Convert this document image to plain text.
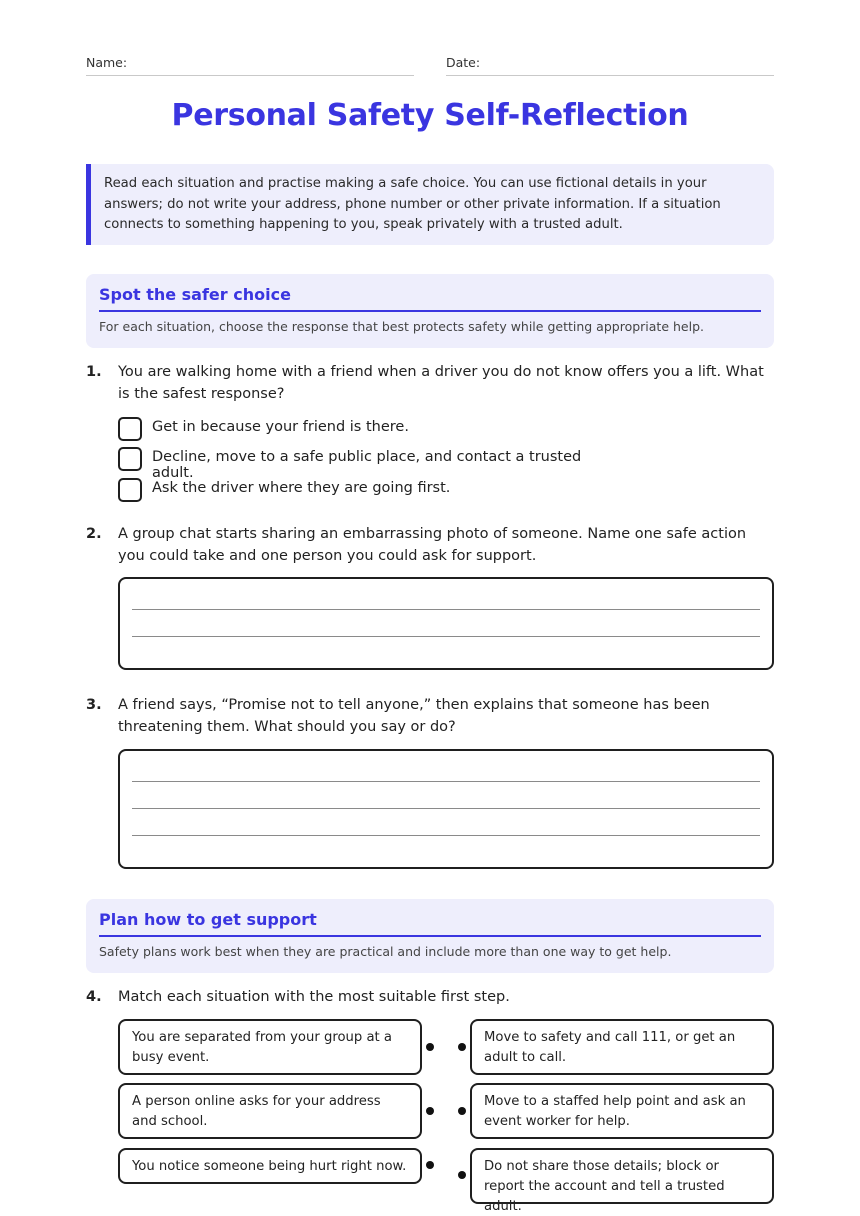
Name:	Date:
Personal Safety Self-Reflection
Read each situation and practise making a safe choice. You can use fictional details in your answers; do not write your address, phone number or other private information. If a situation connects to something happening to you, speak privately with a trusted adult.
Spot the safer choice
For each situation, choose the response that best protects safety while getting appropriate help.
1. You are walking home with a friend when a driver you do not know offers you a lift. What is the safest response?
Get in because your friend is there.
Decline, move to a safe public place, and contact a trusted adult.
Ask the driver where they are going first.
2. A group chat starts sharing an embarrassing photo of someone. Name one safe action you could take and one person you could ask for support.
3. A friend says, “Promise not to tell anyone,” then explains that someone has been threatening them. What should you say or do?
Plan how to get support
Safety plans work best when they are practical and include more than one way to get help.
4. Match each situation with the most suitable first step.
You are separated from your group at a busy event.
A person online asks for your address and school.
You notice someone being hurt right now.
Move to safety and call 111, or get an adult to call.
Move to a staffed help point and ask an event worker for help.
Do not share those details; block or report the account and tell a trusted adult.
